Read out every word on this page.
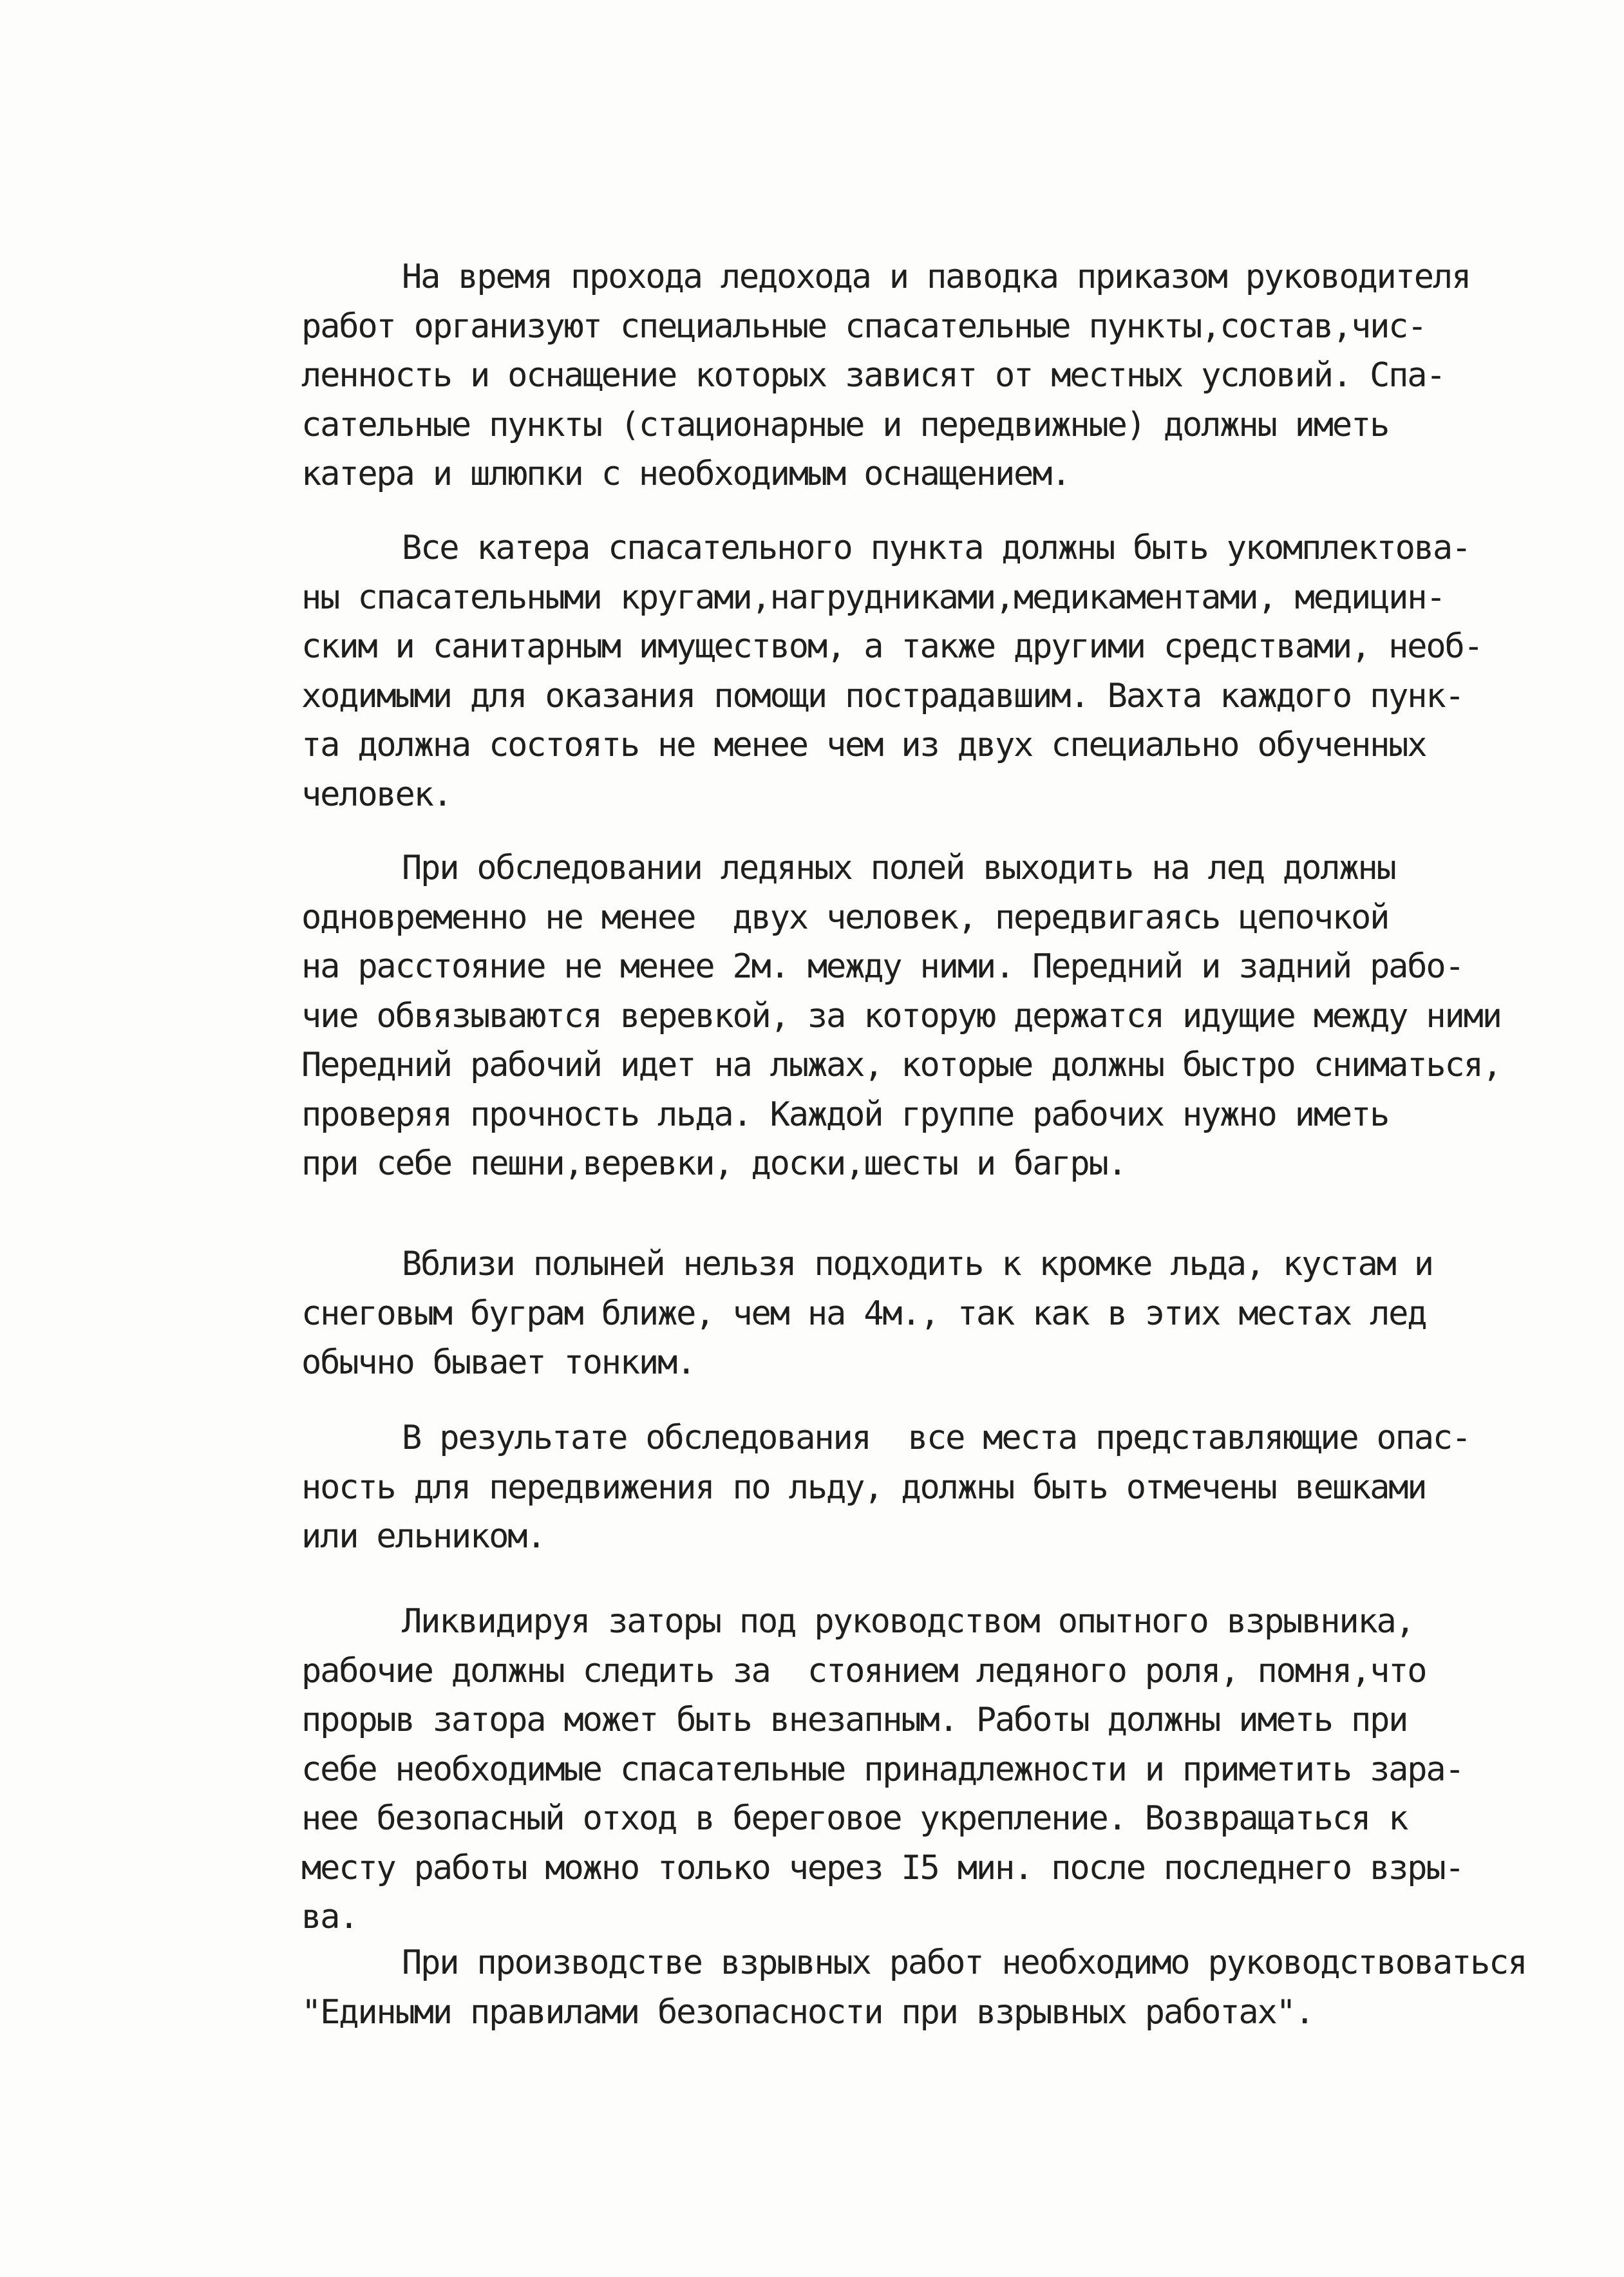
На время прохода ледохода и паводка приказом руководителя
работ организуют специальные спасательные пункты,состав,чис-
ленность и оснащение которых зависят от местных условий. Спа-
сательные пункты (стационарные и передвижные) должны иметь
катера и шлюпки с необходимым оснащением.
Все катера спасательного пункта должны быть укомплектова-
ны спасательными кругами,нагрудниками,медикаментами, медицин-
ским и санитарным имуществом, а также другими средствами, необ-
ходимыми для оказания помощи пострадавшим. Вахта каждого пунк-
та должна состоять не менее чем из двух специально обученных
человек.
При обследовании ледяных полей выходить на лед должны
одновременно не менее  двух человек, передвигаясь цепочкой
на расстояние не менее 2м. между ними. Передний и задний рабо-
чие обвязываются веревкой, за которую держатся идущие между ними
Передний рабочий идет на лыжах, которые должны быстро сниматься,
проверяя прочность льда. Каждой группе рабочих нужно иметь
при себе пешни,веревки, доски,шесты и багры.
Вблизи полыней нельзя подходить к кромке льда, кустам и
снеговым буграм ближе, чем на 4м., так как в этих местах лед
обычно бывает тонким.
В результате обследования  все места представляющие опас-
ность для передвижения по льду, должны быть отмечены вешками
или ельником.
Ликвидируя заторы под руководством опытного взрывника,
рабочие должны следить за  стоянием ледяного роля, помня,что
прорыв затора может быть внезапным. Работы должны иметь при
себе необходимые спасательные принадлежности и приметить зара-
нее безопасный отход в береговое укрепление. Возвращаться к
месту работы можно только через I5 мин. после последнего взры-
ва.
При производстве взрывных работ необходимо руководствоваться
"Едиными правилами безопасности при взрывных работах".
